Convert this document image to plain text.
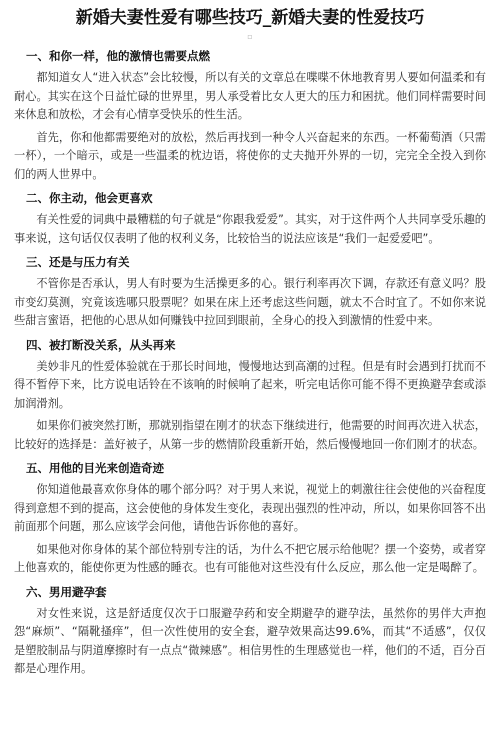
新婚夫妻性爱有哪些技巧_新婚夫妻的性爱技巧
▫
一、和你一样，他的激情也需要点燃

都知道女人“进入状态”会比较慢，所以有关的文章总在喋喋不休地教育男人要如何温柔和有耐心。其实在这个日益忙碌的世界里，男人承受着比女人更大的压力和困扰。他们同样需要时间来休息和放松，才会有心情享受快乐的性生活。

首先，你和他都需要绝对的放松，然后再找到一种令人兴奋起来的东西。一杯葡萄酒（只需一杯），一个暗示，或是一些温柔的枕边语，将使你的丈夫抛开外界的一切，完完全全投入到你们的两人世界中。

二、你主动，他会更喜欢

有关性爱的词典中最糟糕的句子就是“你跟我爱爱”。其实，对于这件两个人共同享受乐趣的事来说，这句话仅仅表明了他的权利义务，比较恰当的说法应该是“我们一起爱爱吧”。

三、还是与压力有关

不管你是否承认，男人有时要为生活操更多的心。银行利率再次下调，存款还有意义吗？股市变幻莫测，究竟该选哪只股票呢？如果在床上还考虑这些问题，就太不合时宜了。不如你来说些甜言蜜语，把他的心思从如何赚钱中拉回到眼前，全身心的投入到激情的性爱中来。

四、被打断没关系，从头再来

美妙非凡的性爱体验就在于那长时间地，慢慢地达到高潮的过程。但是有时会遇到打扰而不得不暂停下来，比方说电话铃在不该响的时候响了起来，听完电话你可能不得不更换避孕套或添加润滑剂。

如果你们被突然打断，那就别指望在刚才的状态下继续进行，他需要的时间再次进入状态，比较好的选择是：盖好被子，从第一步的燃情阶段重新开始，然后慢慢地回一你们刚才的状态。

五、用他的目光来创造奇迹

你知道他最喜欢你身体的哪个部分吗？对于男人来说，视觉上的刺激往往会使他的兴奋程度得到意想不到的提高，这会使他的身体发生变化，表现出强烈的性冲动，所以，如果你回答不出前面那个问题，那么应该学会问他，请他告诉你他的喜好。

如果他对你身体的某个部位特别专注的话，为什么不把它展示给他呢？摆一个姿势，或者穿上他喜欢的，能使你更为性感的睡衣。也有可能他对这些没有什么反应，那么他一定是喝醉了。

六、男用避孕套

对女性来说，这是舒适度仅次于口服避孕药和安全期避孕的避孕法，虽然你的男伴大声抱怨“麻烦”、“隔靴搔痒”，但一次性使用的安全套，避孕效果高达99.6%，而其“不适感”，仅仅是塑胶制品与阴道摩擦时有一点点“微辣感”。相信男性的生理感觉也一样，他们的不适，百分百都是心理作用。
